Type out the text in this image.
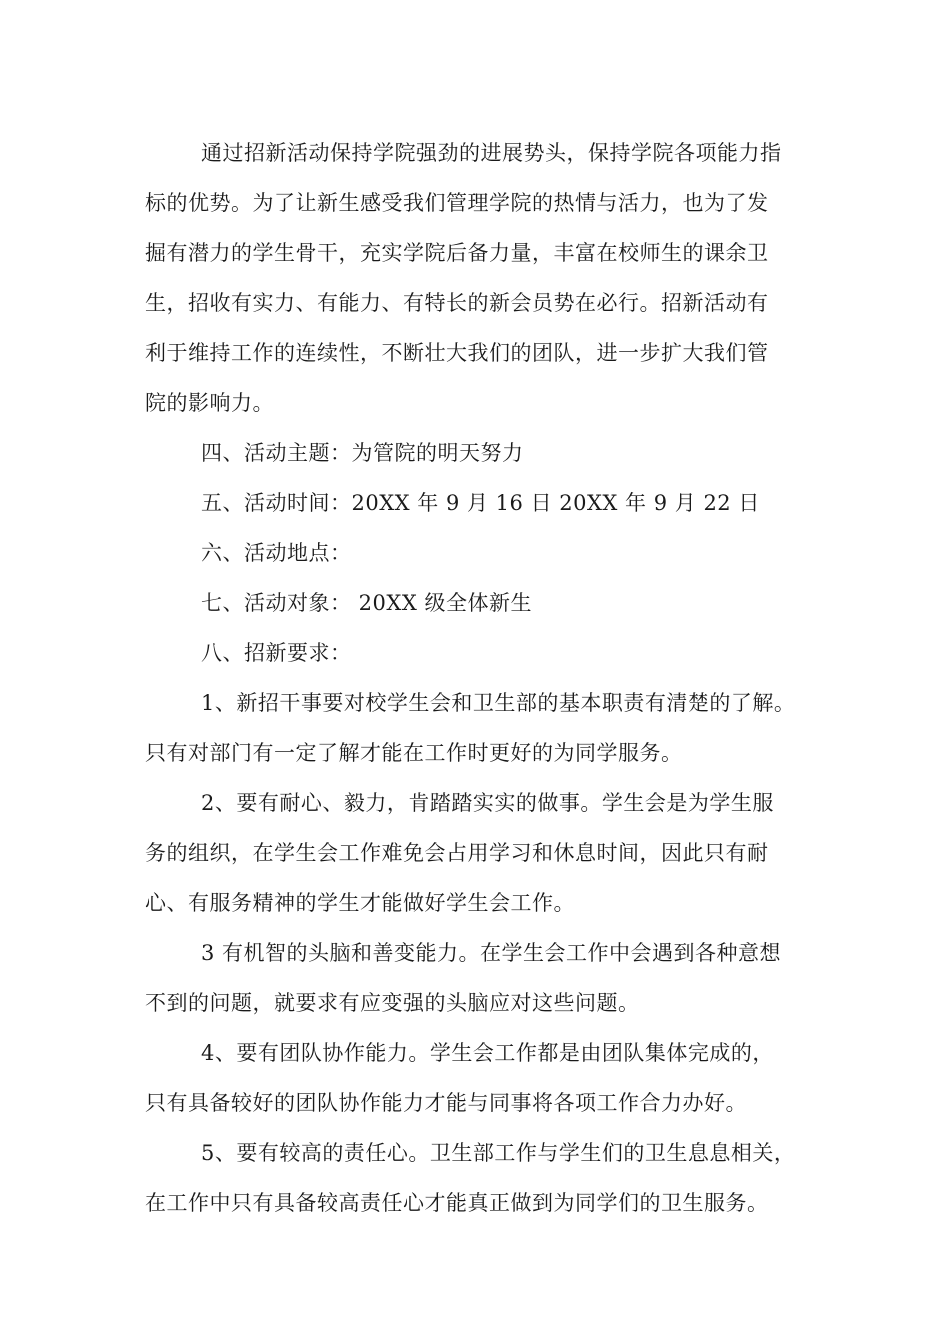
通过招新活动保持学院强劲的进展势头，保持学院各项能力指
标的优势。为了让新生感受我们管理学院的热情与活力，也为了发
掘有潜力的学生骨干，充实学院后备力量，丰富在校师生的课余卫
生，招收有实力、有能力、有特长的新会员势在必行。招新活动有
利于维持工作的连续性，不断壮大我们的团队，进一步扩大我们管
院的影响力。

四、活动主题：为管院的明天努力

五、活动时间：20XX 年 9 月 16 日 20XX 年 9 月 22 日

六、活动地点：

七、活动对象： 20XX 级全体新生

八、招新要求：

1、新招干事要对校学生会和卫生部的基本职责有清楚的了解。
只有对部门有一定了解才能在工作时更好的为同学服务。

2、要有耐心、毅力，肯踏踏实实的做事。学生会是为学生服
务的组织，在学生会工作难免会占用学习和休息时间，因此只有耐
心、有服务精神的学生才能做好学生会工作。

3 有机智的头脑和善变能力。在学生会工作中会遇到各种意想
不到的问题，就要求有应变强的头脑应对这些问题。

4、要有团队协作能力。学生会工作都是由团队集体完成的，
只有具备较好的团队协作能力才能与同事将各项工作合力办好。

5、要有较高的责任心。卫生部工作与学生们的卫生息息相关，
在工作中只有具备较高责任心才能真正做到为同学们的卫生服务。
